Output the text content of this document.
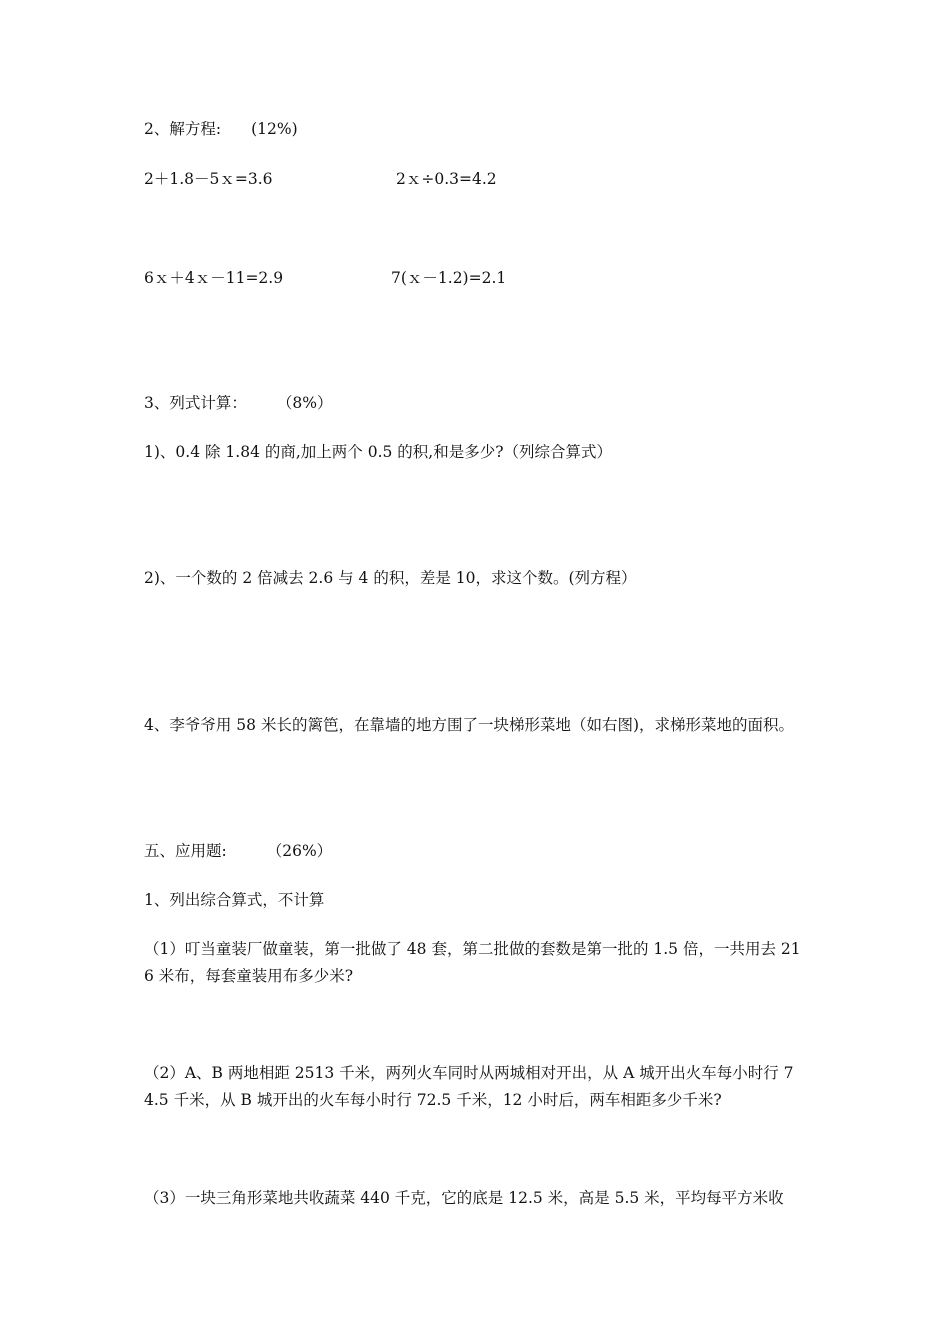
2、解方程: (12%)
2＋1.8－5ｘ=3.6	2ｘ÷0.3=4.2
6ｘ＋4ｘ－11=2.9	7(ｘ－1.2)=2.1
3、列式计算： （8%）
1)、0.4 除 1.84 的商,加上两个 0.5 的积,和是多少?（列综合算式）
2)、一个数的 2 倍减去 2.6 与 4 的积，差是 10，求这个数。(列方程）
4、李爷爷用 58 米长的篱笆，在靠墙的地方围了一块梯形菜地（如右图)，求梯形菜地的面积。
五、应用题:	（26%）
1、列出综合算式，不计算
（1）叮当童装厂做童装，第一批做了 48 套，第二批做的套数是第一批的 1.5 倍，一共用去 216 米布，每套童装用布多少米?
（2）A、B 两地相距 2513 千米，两列火车同时从两城相对开出，从 A 城开出火车每小时行 74.5 千米，从 B 城开出的火车每小时行 72.5 千米，12 小时后，两车相距多少千米?
（3）一块三角形菜地共收蔬菜 440 千克，它的底是 12.5 米，高是 5.5 米，平均每平方米收
